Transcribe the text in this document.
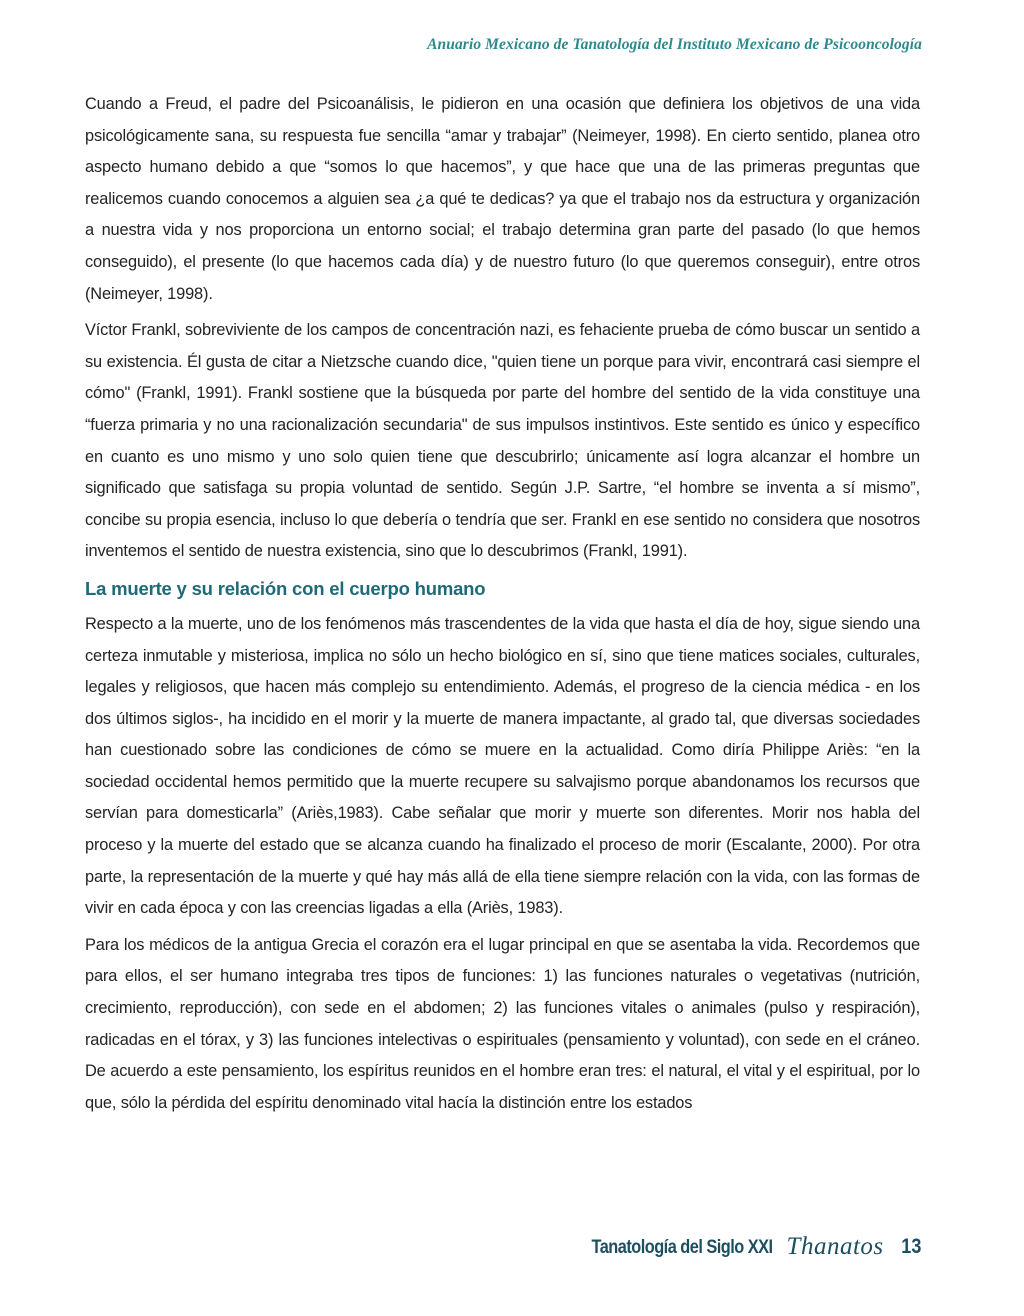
Anuario Mexicano de Tanatología del Instituto Mexicano de Psicooncología

Cuando a Freud, el padre del Psicoanálisis, le pidieron en una ocasión que definiera los objetivos de una vida psicológicamente sana, su respuesta fue sencilla “amar y trabajar” (Neimeyer, 1998). En cierto sentido, planea otro aspecto humano debido a que “somos lo que hacemos”, y que hace que una de las primeras preguntas que realicemos cuando conocemos a alguien sea ¿a qué te dedicas? ya que el trabajo nos da estructura y organización a nuestra vida y nos proporciona un entorno social; el trabajo determina gran parte del pasado (lo que hemos conseguido), el presente (lo que hacemos cada día) y de nuestro futuro (lo que queremos conseguir), entre otros (Neimeyer, 1998).

Víctor Frankl, sobreviviente de los campos de concentración nazi, es fehaciente prueba de cómo buscar un sentido a su existencia. Él gusta de citar a Nietzsche cuando dice, "quien tiene un porque para vivir, encontrará casi siempre el cómo" (Frankl, 1991). Frankl sostiene que la búsqueda por parte del hombre del sentido de la vida constituye una “fuerza primaria y no una racionalización secundaria" de sus impulsos instintivos. Este sentido es único y específico en cuanto es uno mismo y uno solo quien tiene que descubrirlo; únicamente así logra alcanzar el hombre un significado que satisfaga su propia voluntad de sentido. Según J.P. Sartre, “el hombre se inventa a sí mismo”, concibe su propia esencia, incluso lo que debería o tendría que ser. Frankl en ese sentido no considera que nosotros inventemos el sentido de nuestra existencia, sino que lo descubrimos (Frankl, 1991).

La muerte y su relación con el cuerpo humano

Respecto a la muerte, uno de los fenómenos más trascendentes de la vida que hasta el día de hoy, sigue siendo una certeza inmutable y misteriosa, implica no sólo un hecho biológico en sí, sino que tiene matices sociales, culturales, legales y religiosos, que hacen más complejo su entendimiento. Además, el progreso de la ciencia médica - en los dos últimos siglos-, ha incidido en el morir y la muerte de manera impactante, al grado tal, que diversas sociedades han cuestionado sobre las condiciones de cómo se muere en la actualidad. Como diría Philippe Ariès: “en la sociedad occidental hemos permitido que la muerte recupere su salvajismo porque abandonamos los recursos que servían para domesticarla” (Ariès,1983). Cabe señalar que morir y muerte son diferentes. Morir nos habla del proceso y la muerte del estado que se alcanza cuando ha finalizado el proceso de morir (Escalante, 2000). Por otra parte, la representación de la muerte y qué hay más allá de ella tiene siempre relación con la vida, con las formas de vivir en cada época y con las creencias ligadas a ella (Ariès, 1983).

Para los médicos de la antigua Grecia el corazón era el lugar principal en que se asentaba la vida. Recordemos que para ellos, el ser humano integraba tres tipos de funciones: 1) las funciones naturales o vegetativas (nutrición, crecimiento, reproducción), con sede en el abdomen; 2) las funciones vitales o animales (pulso y respiración), radicadas en el tórax, y 3) las funciones intelectivas o espirituales (pensamiento y voluntad), con sede en el cráneo. De acuerdo a este pensamiento, los espíritus reunidos en el hombre eran tres: el natural, el vital y el espiritual, por lo que, sólo la pérdida del espíritu denominado vital hacía la distinción entre los estados

Tanatología del Siglo XXI Thanatos 13
